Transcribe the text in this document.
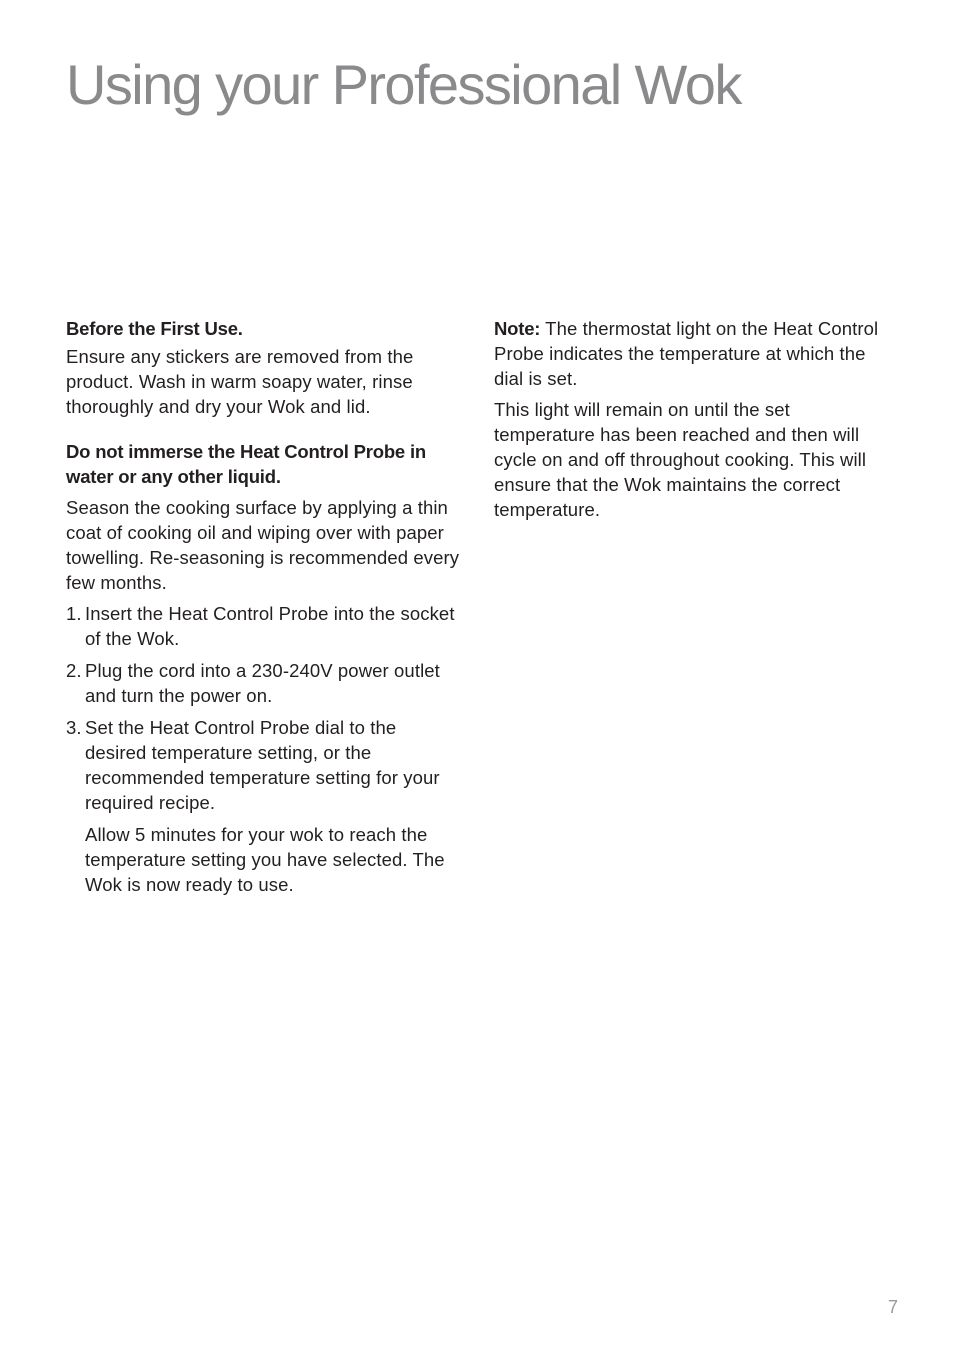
Using your Professional Wok

Before the First Use.

Ensure any stickers are removed from the product. Wash in warm soapy water, rinse thoroughly and dry your Wok and lid.

Do not immerse the Heat Control Probe in water or any other liquid.

Season the cooking surface by applying a thin coat of cooking oil and wiping over with paper towelling. Re-seasoning is recommended every few months.

1. Insert the Heat Control Probe into the socket of the Wok.
2. Plug the cord into a 230-240V power outlet and turn the power on.
3. Set the Heat Control Probe dial to the desired temperature setting, or the recommended temperature setting for your required recipe.

Allow 5 minutes for your wok to reach the temperature setting you have selected. The Wok is now ready to use.

Note: The thermostat light on the Heat Control Probe indicates the temperature at which the dial is set.

This light will remain on until the set temperature has been reached and then will cycle on and off throughout cooking. This will ensure that the Wok maintains the correct temperature.

7
